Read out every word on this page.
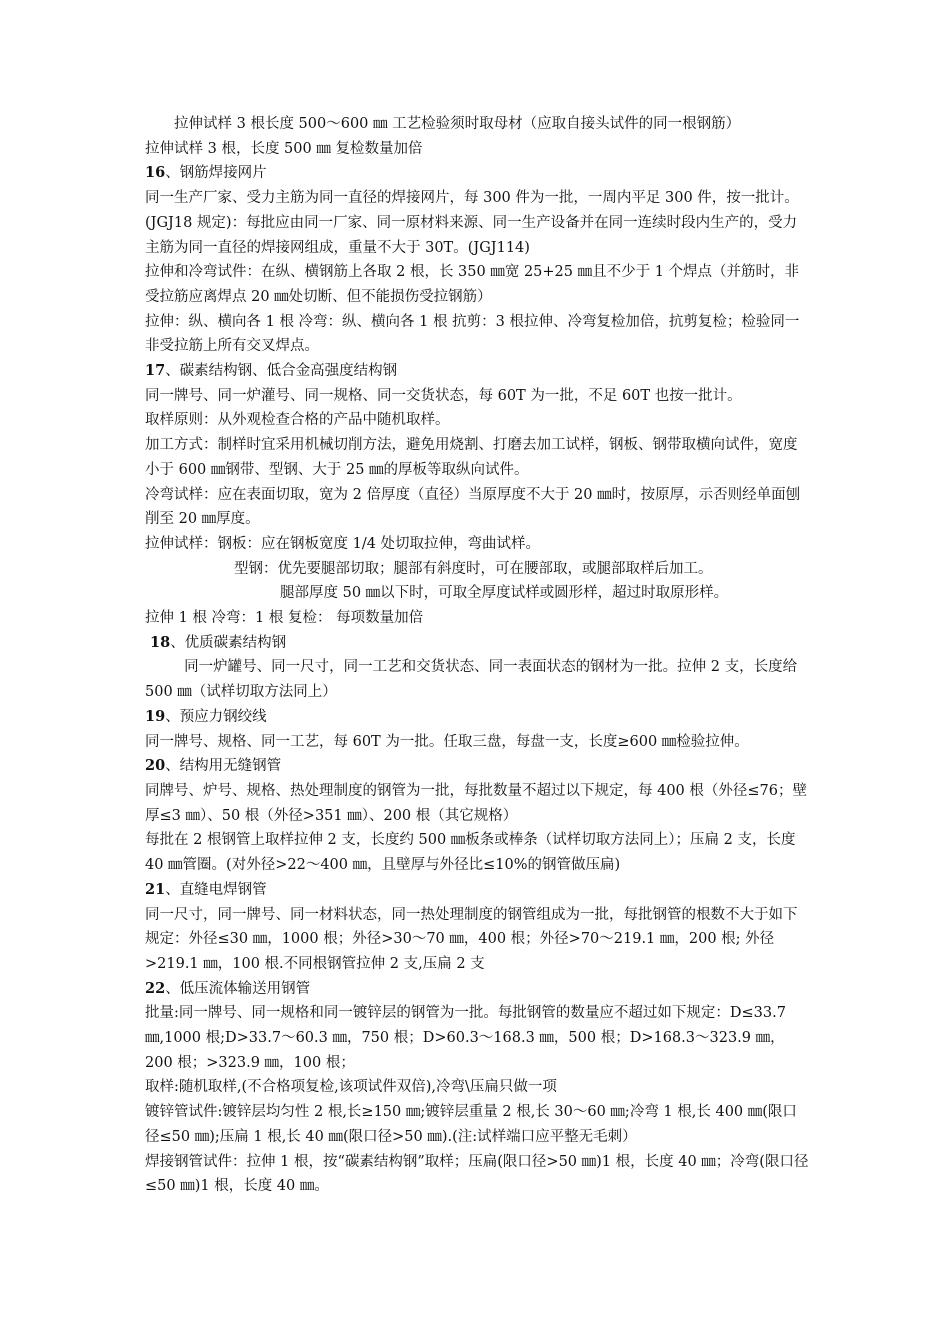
拉伸试样 3 根长度 500～600 ㎜ 工艺检验须时取母材（应取自接头试件的同一根钢筋）

拉伸试样 3 根，长度 500 ㎜ 复检数量加倍

16、钢筋焊接网片

同一生产厂家、受力主筋为同一直径的焊接网片，每 300 件为一批，一周内平足 300 件，按一批计。(JGJ18 规定)：每批应由同一厂家、同一原材料来源、同一生产设备并在同一连续时段内生产的，受力主筋为同一直径的焊接网组成，重量不大于 30T。(JGJ114)

拉伸和冷弯试件：在纵、横钢筋上各取 2 根，长 350 ㎜宽 25+25 ㎜且不少于 1 个焊点（并筋时，非受拉筋应离焊点 20 ㎜处切断、但不能损伤受拉钢筋）

拉伸：纵、横向各 1 根 冷弯：纵、横向各 1 根 抗剪：3 根拉伸、冷弯复检加倍，抗剪复检；检验同一非受拉筋上所有交叉焊点。

17、碳素结构钢、低合金高强度结构钢

同一牌号、同一炉灌号、同一规格、同一交货状态，每 60T 为一批，不足 60T 也按一批计。

取样原则：从外观检查合格的产品中随机取样。

加工方式：制样时宜采用机械切削方法，避免用烧割、打磨去加工试样，钢板、钢带取横向试件，宽度小于 600 ㎜钢带、型钢、大于 25 ㎜的厚板等取纵向试件。

冷弯试样：应在表面切取，宽为 2 倍厚度（直径）当原厚度不大于 20 ㎜时，按原厚，示否则经单面刨削至 20 ㎜厚度。

拉伸试样：钢板：应在钢板宽度 1/4 处切取拉伸，弯曲试样。

型钢：优先要腿部切取；腿部有斜度时，可在腰部取，或腿部取样后加工。

腿部厚度 50 ㎜以下时，可取全厚度试样或圆形样，超过时取原形样。

拉伸 1 根 冷弯：1 根 复检： 每项数量加倍

18、优质碳素结构钢

同一炉罐号、同一尺寸，同一工艺和交货状态、同一表面状态的钢材为一批。拉伸 2 支，长度给 500 ㎜（试样切取方法同上）

19、预应力钢绞线

同一牌号、规格、同一工艺，每 60T 为一批。任取三盘，每盘一支，长度≥600 ㎜检验拉伸。

20、结构用无缝钢管

同牌号、炉号、规格、热处理制度的钢管为一批，每批数量不超过以下规定，每 400 根（外径≤76；壁厚≤3 ㎜）、50 根（外径>351 ㎜）、200 根（其它规格）

每批在 2 根钢管上取样拉伸 2 支，长度约 500 ㎜板条或棒条（试样切取方法同上）；压扁 2 支，长度 40 ㎜管圈。(对外径>22～400 ㎜，且壁厚与外径比≤10%的钢管做压扁)

21、直缝电焊钢管

同一尺寸，同一牌号、同一材料状态，同一热处理制度的钢管组成为一批，每批钢管的根数不大于如下规定：外径≤30 ㎜，1000 根；外径>30～70 ㎜，400 根；外径>70～219.1 ㎜，200 根; 外径>219.1 ㎜，100 根.不同根钢管拉伸 2 支,压扁 2 支

22、低压流体输送用钢管

批量:同一牌号、同一规格和同一镀锌层的钢管为一批。每批钢管的数量应不超过如下规定：D≤33.7 ㎜,1000 根;D>33.7～60.3 ㎜，750 根；D>60.3～168.3 ㎜，500 根；D>168.3～323.9 ㎜，200 根；>323.9 ㎜，100 根；

取样:随机取样,(不合格项复检,该项试件双倍),冷弯\压扁只做一项

镀锌管试件:镀锌层均匀性 2 根,长≥150 ㎜;镀锌层重量 2 根,长 30～60 ㎜;冷弯 1 根,长 400 ㎜(限口径≤50 ㎜);压扁 1 根,长 40 ㎜(限口径>50 ㎜).(注:试样端口应平整无毛刺）

焊接钢管试件：拉伸 1 根，按“碳素结构钢”取样；压扁(限口径>50 ㎜)1 根，长度 40 ㎜；冷弯(限口径≤50 ㎜)1 根，长度 40 ㎜。
